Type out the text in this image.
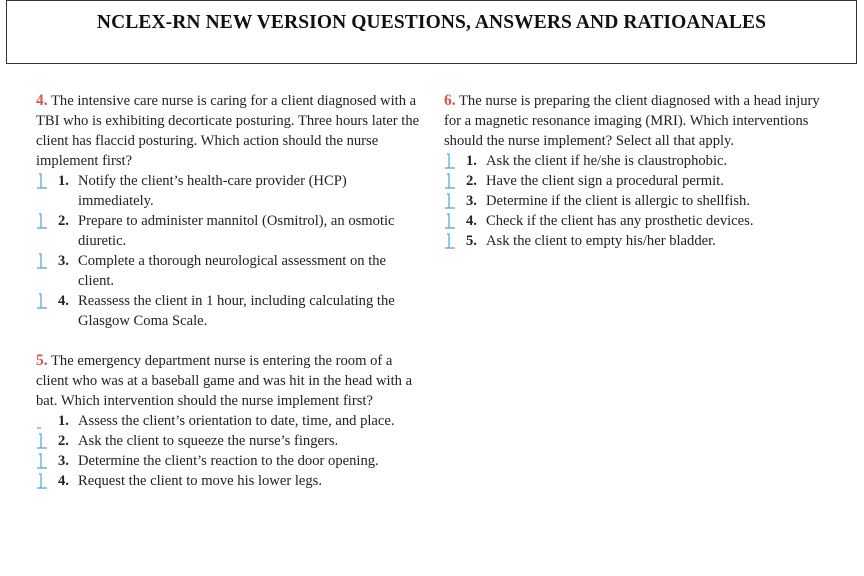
NCLEX-RN NEW VERSION QUESTIONS, ANSWERS AND RATIOANALES

4. The intensive care nurse is caring for a client diagnosed with a TBI who is exhibiting decorticate posturing. Three hours later the client has flaccid posturing. Which action should the nurse implement first?

1. Notify the client’s health-care provider (HCP) immediately.
2. Prepare to administer mannitol (Osmitrol), an osmotic diuretic.
3. Complete a thorough neurological assessment on the client.
4. Reassess the client in 1 hour, including calculating the Glasgow Coma Scale.

5. The emergency department nurse is entering the room of a client who was at a baseball game and was hit in the head with a bat. Which intervention should the nurse implement first?

1. Assess the client’s orientation to date, time, and place.
2. Ask the client to squeeze the nurse’s fingers.
3. Determine the client’s reaction to the door opening.
4. Request the client to move his lower legs.

6. The nurse is preparing the client diagnosed with a head injury for a magnetic resonance imaging (MRI). Which interventions should the nurse implement? Select all that apply.

1. Ask the client if he/she is claustrophobic.
2. Have the client sign a procedural permit.
3. Determine if the client is allergic to shellfish.
4. Check if the client has any prosthetic devices.
5. Ask the client to empty his/her bladder.
